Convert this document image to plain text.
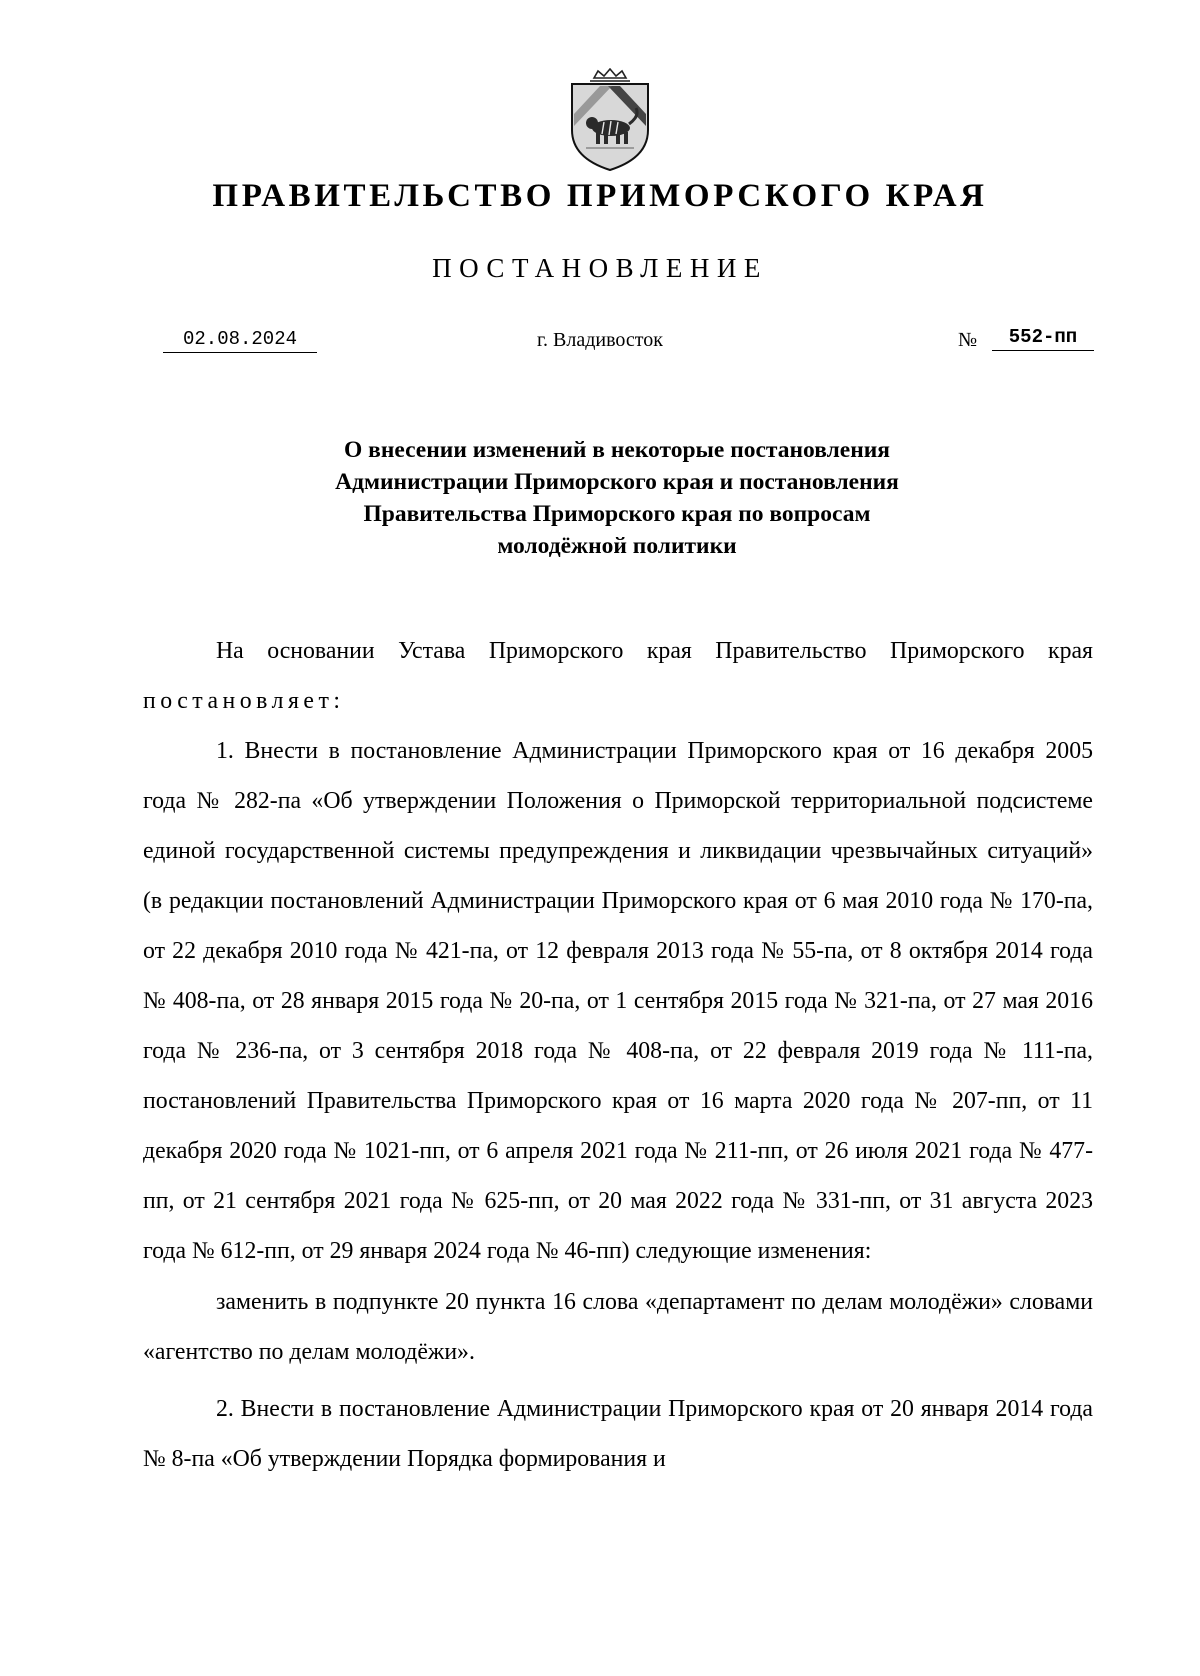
ПРАВИТЕЛЬСТВО ПРИМОРСКОГО КРАЯ
ПОСТАНОВЛЕНИЕ
02.08.2024	г. Владивосток	№	552-пп
О внесении изменений в некоторые постановления
Администрации Приморского края и постановления
Правительства Приморского края по вопросам
молодёжной политики

На основании Устава Приморского края Правительство Приморского края постановляет:

1. Внести в постановление Администрации Приморского края от 16 декабря 2005 года № 282-па «Об утверждении Положения о Приморской территориальной подсистеме единой государственной системы предупреждения и ликвидации чрезвычайных ситуаций» (в редакции постановлений Администрации Приморского края от 6 мая 2010 года № 170-па, от 22 декабря 2010 года № 421-па, от 12 февраля 2013 года № 55-па, от 8 октября 2014 года № 408-па, от 28 января 2015 года № 20-па, от 1 сентября 2015 года № 321-па, от 27 мая 2016 года № 236-па, от 3 сентября 2018 года № 408-па, от 22 февраля 2019 года № 111-па, постановлений Правительства Приморского края от 16 марта 2020 года № 207-пп, от 11 декабря 2020 года № 1021-пп, от 6 апреля 2021 года № 211-пп, от 26 июля 2021 года № 477-пп, от 21 сентября 2021 года № 625-пп, от 20 мая 2022 года № 331-пп, от 31 августа 2023 года № 612-пп, от 29 января 2024 года № 46-пп) следующие изменения:

заменить в подпункте 20 пункта 16 слова «департамент по делам молодёжи» словами «агентство по делам молодёжи».

2. Внести в постановление Администрации Приморского края от 20 января 2014 года № 8-па «Об утверждении Порядка формирования и
